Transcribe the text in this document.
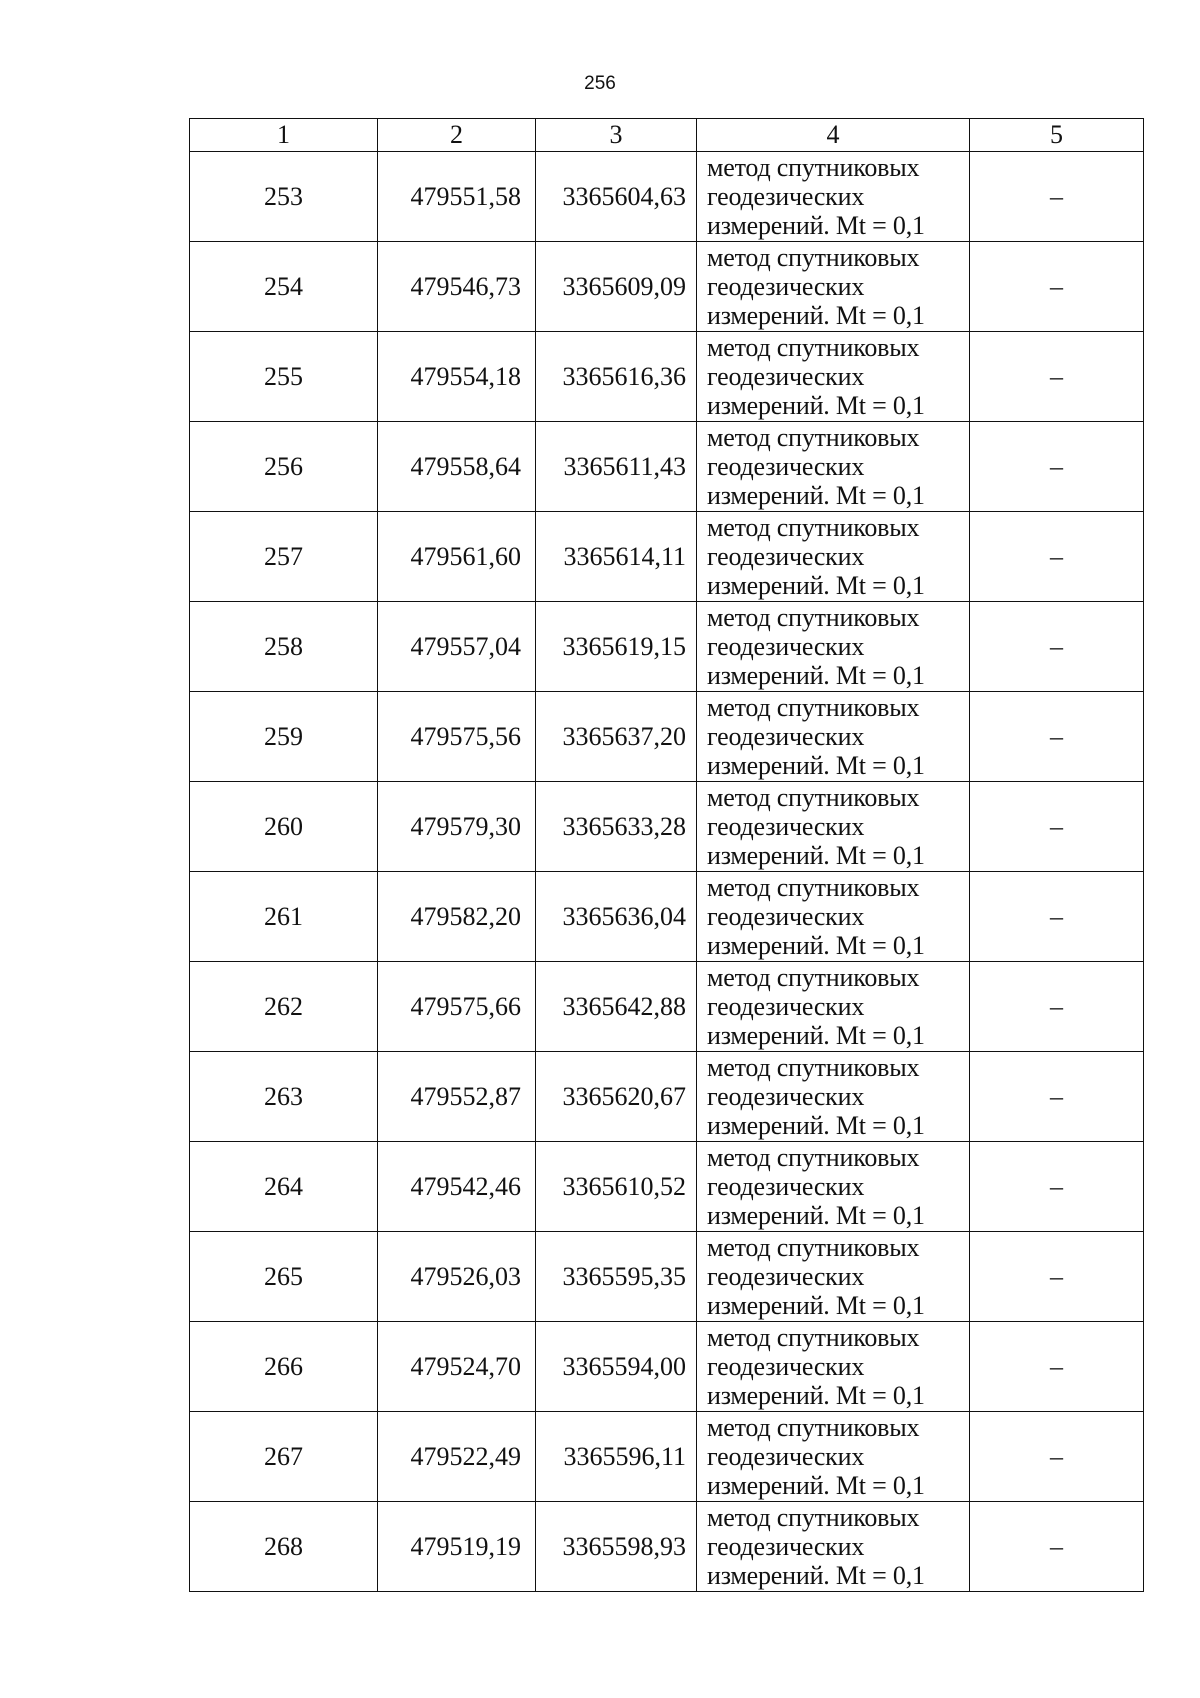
256
1	2	3	4	5
253	479551,58	3365604,63	метод спутниковых
геодезических
измерений. Mt = 0,1	–
254	479546,73	3365609,09	метод спутниковых
геодезических
измерений. Mt = 0,1	–
255	479554,18	3365616,36	метод спутниковых
геодезических
измерений. Mt = 0,1	–
256	479558,64	3365611,43	метод спутниковых
геодезических
измерений. Mt = 0,1	–
257	479561,60	3365614,11	метод спутниковых
геодезических
измерений. Mt = 0,1	–
258	479557,04	3365619,15	метод спутниковых
геодезических
измерений. Mt = 0,1	–
259	479575,56	3365637,20	метод спутниковых
геодезических
измерений. Mt = 0,1	–
260	479579,30	3365633,28	метод спутниковых
геодезических
измерений. Mt = 0,1	–
261	479582,20	3365636,04	метод спутниковых
геодезических
измерений. Mt = 0,1	–
262	479575,66	3365642,88	метод спутниковых
геодезических
измерений. Mt = 0,1	–
263	479552,87	3365620,67	метод спутниковых
геодезических
измерений. Mt = 0,1	–
264	479542,46	3365610,52	метод спутниковых
геодезических
измерений. Mt = 0,1	–
265	479526,03	3365595,35	метод спутниковых
геодезических
измерений. Mt = 0,1	–
266	479524,70	3365594,00	метод спутниковых
геодезических
измерений. Mt = 0,1	–
267	479522,49	3365596,11	метод спутниковых
геодезических
измерений. Mt = 0,1	–
268	479519,19	3365598,93	метод спутниковых
геодезических
измерений. Mt = 0,1	–
